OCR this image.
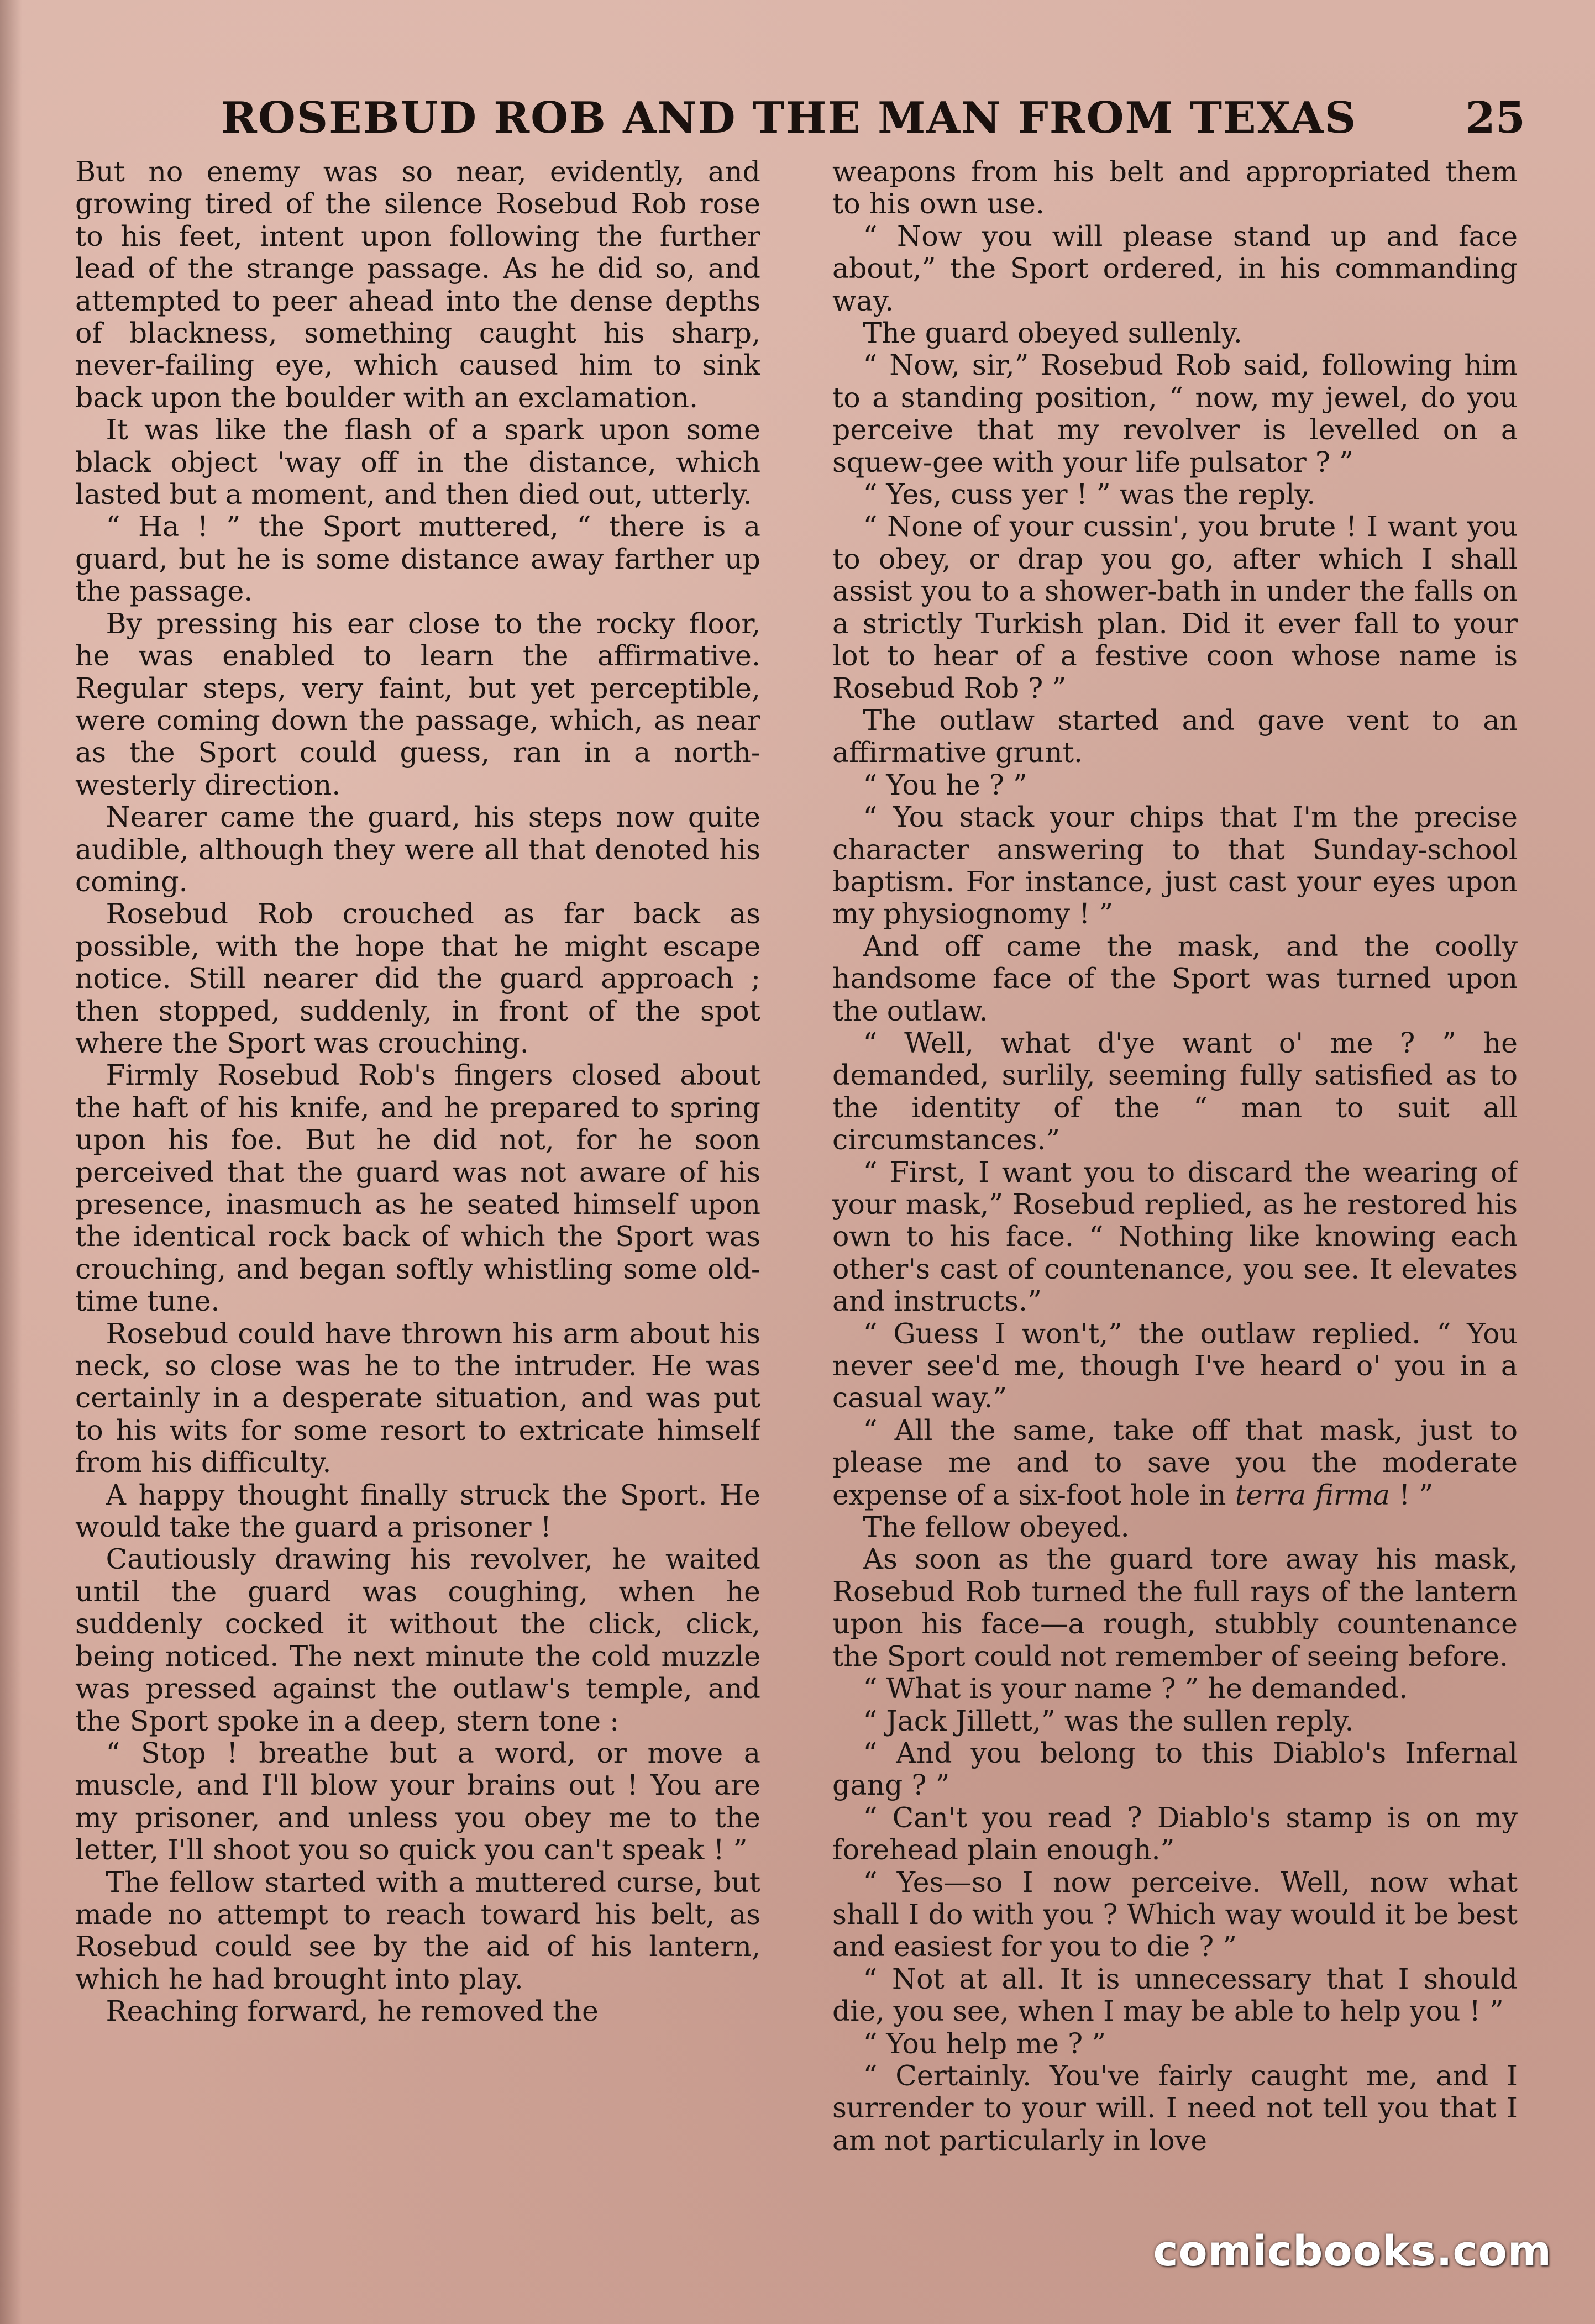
ROSEBUD ROB AND THE MAN FROM TEXAS	25

But no enemy was so near, evidently, and growing tired of the silence Rosebud Rob rose to his feet, intent upon following the further lead of the strange passage. As he did so, and attempted to peer ahead into the dense depths of blackness, something caught his sharp, never-failing eye, which caused him to sink back upon the boulder with an exclamation.

It was like the flash of a spark upon some black object 'way off in the distance, which lasted but a moment, and then died out, utterly.

“ Ha ! ” the Sport muttered, “ there is a guard, but he is some distance away farther up the passage.

By pressing his ear close to the rocky floor, he was enabled to learn the affirmative. Regular steps, very faint, but yet perceptible, were coming down the passage, which, as near as the Sport could guess, ran in a north-westerly direction.

Nearer came the guard, his steps now quite audible, although they were all that denoted his coming.

Rosebud Rob crouched as far back as possible, with the hope that he might escape notice. Still nearer did the guard approach ; then stopped, suddenly, in front of the spot where the Sport was crouching.

Firmly Rosebud Rob's fingers closed about the haft of his knife, and he prepared to spring upon his foe. But he did not, for he soon perceived that the guard was not aware of his presence, inasmuch as he seated himself upon the identical rock back of which the Sport was crouching, and began softly whistling some old-time tune.

Rosebud could have thrown his arm about his neck, so close was he to the intruder. He was certainly in a desperate situation, and was put to his wits for some resort to extricate himself from his difficulty.

A happy thought finally struck the Sport. He would take the guard a prisoner !

Cautiously drawing his revolver, he waited until the guard was coughing, when he suddenly cocked it without the click, click, being noticed. The next minute the cold muzzle was pressed against the outlaw's temple, and the Sport spoke in a deep, stern tone :

“ Stop ! breathe but a word, or move a muscle, and I'll blow your brains out ! You are my prisoner, and unless you obey me to the letter, I'll shoot you so quick you can't speak ! ”

The fellow started with a muttered curse, but made no attempt to reach toward his belt, as Rosebud could see by the aid of his lantern, which he had brought into play.

Reaching forward, he removed the

weapons from his belt and appropriated them to his own use.

“ Now you will please stand up and face about,” the Sport ordered, in his commanding way.

The guard obeyed sullenly.

“ Now, sir,” Rosebud Rob said, following him to a standing position, “ now, my jewel, do you perceive that my revolver is levelled on a squew-gee with your life pulsator ? ”

“ Yes, cuss yer ! ” was the reply.

“ None of your cussin', you brute ! I want you to obey, or drap you go, after which I shall assist you to a shower-bath in under the falls on a strictly Turkish plan. Did it ever fall to your lot to hear of a festive coon whose name is Rosebud Rob ? ”

The outlaw started and gave vent to an affirmative grunt.

“ You he ? ”

“ You stack your chips that I'm the precise character answering to that Sunday-school baptism. For instance, just cast your eyes upon my physiognomy ! ”

And off came the mask, and the coolly handsome face of the Sport was turned upon the outlaw.

“ Well, what d'ye want o' me ? ” he demanded, surlily, seeming fully satisfied as to the identity of the “ man to suit all circumstances.”

“ First, I want you to discard the wearing of your mask,” Rosebud replied, as he restored his own to his face. “ Nothing like knowing each other's cast of countenance, you see. It elevates and instructs.”

“ Guess I won't,” the outlaw replied. “ You never see'd me, though I've heard o' you in a casual way.”

“ All the same, take off that mask, just to please me and to save you the moderate expense of a six-foot hole in terra firma ! ”

The fellow obeyed.

As soon as the guard tore away his mask, Rosebud Rob turned the full rays of the lantern upon his face—a rough, stubbly countenance the Sport could not remember of seeing before.

“ What is your name ? ” he demanded.

“ Jack Jillett,” was the sullen reply.

“ And you belong to this Diablo's Infernal gang ? ”

“ Can't you read ? Diablo's stamp is on my forehead plain enough.”

“ Yes—so I now perceive. Well, now what shall I do with you ? Which way would it be best and easiest for you to die ? ”

“ Not at all. It is unnecessary that I should die, you see, when I may be able to help you ! ”

“ You help me ? ”

“ Certainly. You've fairly caught me, and I surrender to your will. I need not tell you that I am not particularly in love

comicbooks.com
